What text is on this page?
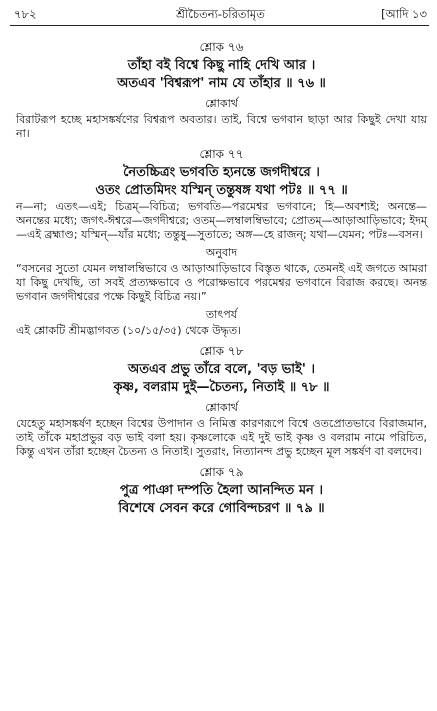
৭৮২	শ্রীচৈতন্য-চরিতামৃত	[আদি ১৩
শ্লোক ৭৬
তাঁহা বই বিশ্বে কিছু নাহি দেখি আর ।
অতএব 'বিশ্বরূপ' নাম যে তাঁহার ॥ ৭৬ ॥
শ্লোকার্থ

বিরাটরূপ হচ্ছে মহাসঙ্কর্ষণের বিশ্বরূপ অবতার। তাই, বিশ্বে ভগবান ছাড়া আর কিছুই দেখা যায় না।

শ্লোক ৭৭
নৈতচ্চিত্রং ভগবতি হ্যনন্তে জগদীশ্বরে ।
ওতং প্রোতমিদং যস্মিন্ তন্তুষঙ্গ যথা পটঃ ॥ ৭৭ ॥

ন—না; এতৎ—এই; চিত্রম্—বিচিত্র; ভগবতি—পরমেশ্বর ভগবানে; হি—অবশ্যই; অনন্তে—অনন্তের মধ্যে; জগৎ-ঈশ্বরে—জগদীশ্বরে; ওতম্—লম্বালম্বিভাবে; প্রোতম্—আড়াআড়িভাবে; ইদম্—এই ব্রহ্মাণ্ড; যস্মিন্—যাঁর মধ্যে; তন্তুষু—সুতাতে; অঙ্গ—হে রাজন্; যথা—যেমন; পটঃ—বসন।

অনুবাদ

“বসনের সুতো যেমন লম্বালম্বিভাবে ও আড়াআড়িভাবে বিস্তৃত থাকে, তেমনই এই জগতে আমরা যা কিছু দেখছি, তা সবই প্রত্যক্ষভাবে ও পরোক্ষভাবে পরমেশ্বর ভগবানে বিরাজ করছে। অনন্ত ভগবান জগদীশ্বরের পক্ষে কিছুই বিচিত্র নয়।”

তাৎপর্য

এই শ্লোকটি শ্রীমদ্ভাগবত (১০/১৫/৩৫) থেকে উদ্ধৃত।

শ্লোক ৭৮
অতএব প্রভু তাঁরে বলে, 'বড় ভাই' ।
কৃষ্ণ, বলরাম দুই—চৈতন্য, নিতাই ॥ ৭৮ ॥
শ্লোকার্থ

যেহেতু মহাসঙ্কর্ষণ হচ্ছেন বিশ্বের উপাদান ও নিমিত্ত কারণরূপে বিশ্বে ওতপ্রোতভাবে বিরাজমান, তাই তাঁকে মহাপ্রভুর বড় ভাই বলা হয়। কৃষ্ণলোকে এই দুই ভাই কৃষ্ণ ও বলরাম নামে পরিচিত, কিন্তু এখন তাঁরা হচ্ছেন চৈতন্য ও নিতাই। সুতরাং, নিত্যানন্দ প্রভু হচ্ছেন মূল সঙ্কর্ষণ বা বলদেব।

শ্লোক ৭৯
পুত্র পাঞা দম্পতি হৈলা আনন্দিত মন ।
বিশেষে সেবন করে গোবিন্দচরণ ॥ ৭৯ ॥
